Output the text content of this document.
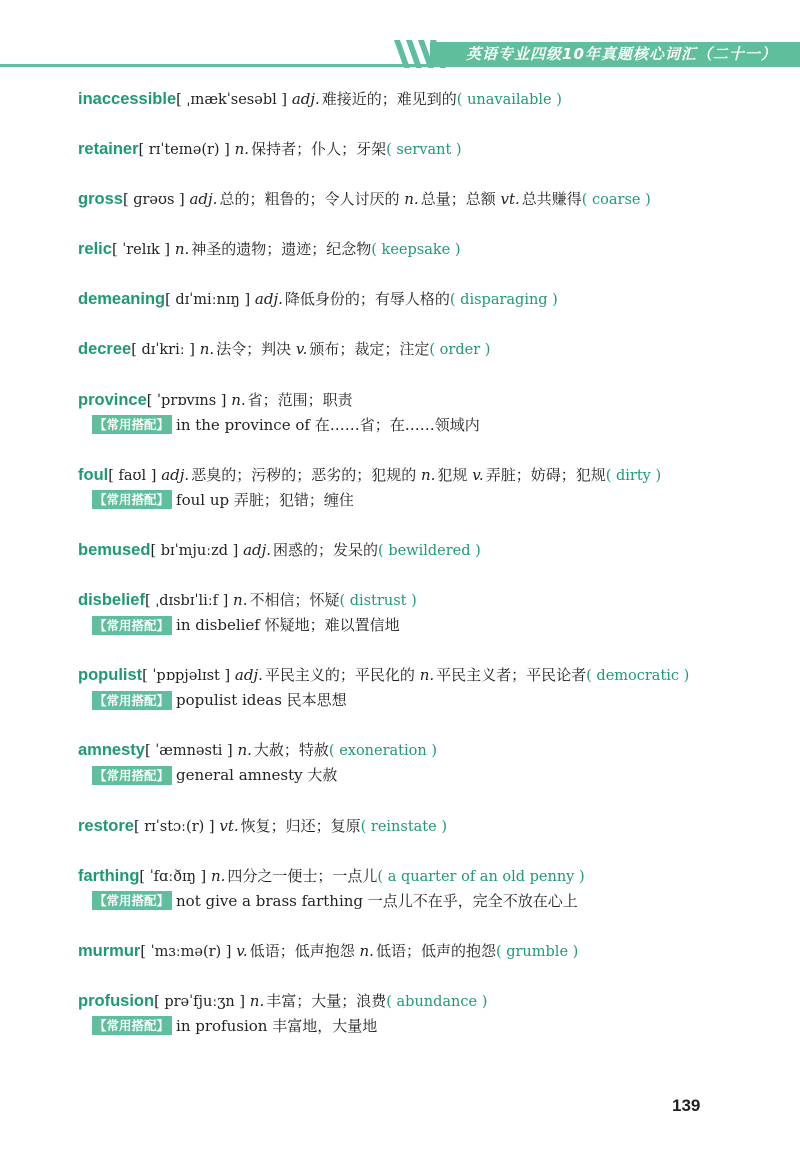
英语专业四级10年真题核心词汇（二十一）
inaccessible[ ˌɪnækˈsesəbl ] adj. 难接近的；难见到的( unavailable )
retainer[ rɪˈteɪnə(r) ] n. 保持者；仆人；牙架( servant )
gross[ ɡrəʊs ] adj. 总的；粗鲁的；令人讨厌的 n. 总量；总额 vt. 总共赚得( coarse )
relic[ ˈrelɪk ] n. 神圣的遗物；遗迹；纪念物( keepsake )
demeaning[ dɪˈmiːnɪŋ ] adj. 降低身份的；有辱人格的( disparaging )
decree[ dɪˈkriː ] n. 法令；判决 v. 颁布；裁定；注定( order )
province[ ˈprɒvɪns ] n. 省；范围；职责
【常用搭配】 in the province of 在……省；在……领域内
foul[ faʊl ] adj. 恶臭的；污秽的；恶劣的；犯规的 n. 犯规 v. 弄脏；妨碍；犯规( dirty )
【常用搭配】 foul up 弄脏；犯错；缠住
bemused[ bɪˈmjuːzd ] adj. 困惑的；发呆的( bewildered )
disbelief[ ˌdɪsbɪˈliːf ] n. 不相信；怀疑( distrust )
【常用搭配】 in disbelief 怀疑地；难以置信地
populist[ ˈpɒpjəlɪst ] adj. 平民主义的；平民化的 n. 平民主义者；平民论者( democratic )
【常用搭配】 populist ideas 民本思想
amnesty[ ˈæmnəsti ] n. 大赦；特赦( exoneration )
【常用搭配】 general amnesty 大赦
restore[ rɪˈstɔː(r) ] vt. 恢复；归还；复原( reinstate )
farthing[ ˈfɑːðɪŋ ] n. 四分之一便士；一点儿( a quarter of an old penny )
【常用搭配】 not give a brass farthing 一点儿不在乎，完全不放在心上
murmur[ ˈmɜːmə(r) ] v. 低语；低声抱怨 n. 低语；低声的抱怨( grumble )
profusion[ prəˈfjuːʒn ] n. 丰富；大量；浪费( abundance )
【常用搭配】 in profusion 丰富地，大量地
139
